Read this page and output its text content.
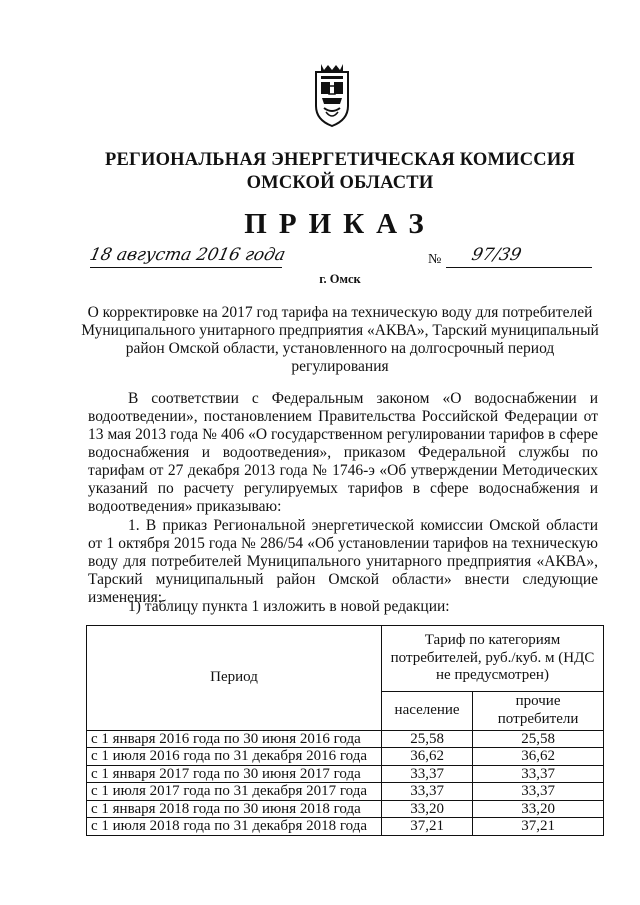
РЕГИОНАЛЬНАЯ ЭНЕРГЕТИЧЕСКАЯ КОМИССИЯ
ОМСКОЙ ОБЛАСТИ
ПРИКАЗ
18 августа 2016 года	№ 97/39
г. Омск
О корректировке на 2017 год тарифа на техническую воду для потребителей Муниципального унитарного предприятия «АКВА», Тарский муниципальный район Омской области, установленного на долгосрочный период регулирования
В соответствии с Федеральным законом «О водоснабжении и водоотведении», постановлением Правительства Российской Федерации от 13 мая 2013 года № 406 «О государственном регулировании тарифов в сфере водоснабжения и водоотведения», приказом Федеральной службы по тарифам от 27 декабря 2013 года № 1746-э «Об утверждении Методических указаний по расчету регулируемых тарифов в сфере водоснабжения и водоотведения» приказываю:
1. В приказ Региональной энергетической комиссии Омской области от 1 октября 2015 года № 286/54 «Об установлении тарифов на техническую воду для потребителей Муниципального унитарного предприятия «АКВА», Тарский муниципальный район Омской области» внести следующие изменения:
1) таблицу пункта 1 изложить в новой редакции:
Период	Тариф по категориям потребителей, руб./куб. м (НДС не предусмотрен)	
	население	прочие потребители
с 1 января 2016 года по 30 июня 2016 года	25,58	25,58
с 1 июля 2016 года по 31 декабря 2016 года	36,62	36,62
с 1 января 2017 года по 30 июня 2017 года	33,37	33,37
с 1 июля 2017 года по 31 декабря 2017 года	33,37	33,37
с 1 января 2018 года по 30 июня 2018 года	33,20	33,20
с 1 июля 2018 года по 31 декабря 2018 года	37,21	37,21
